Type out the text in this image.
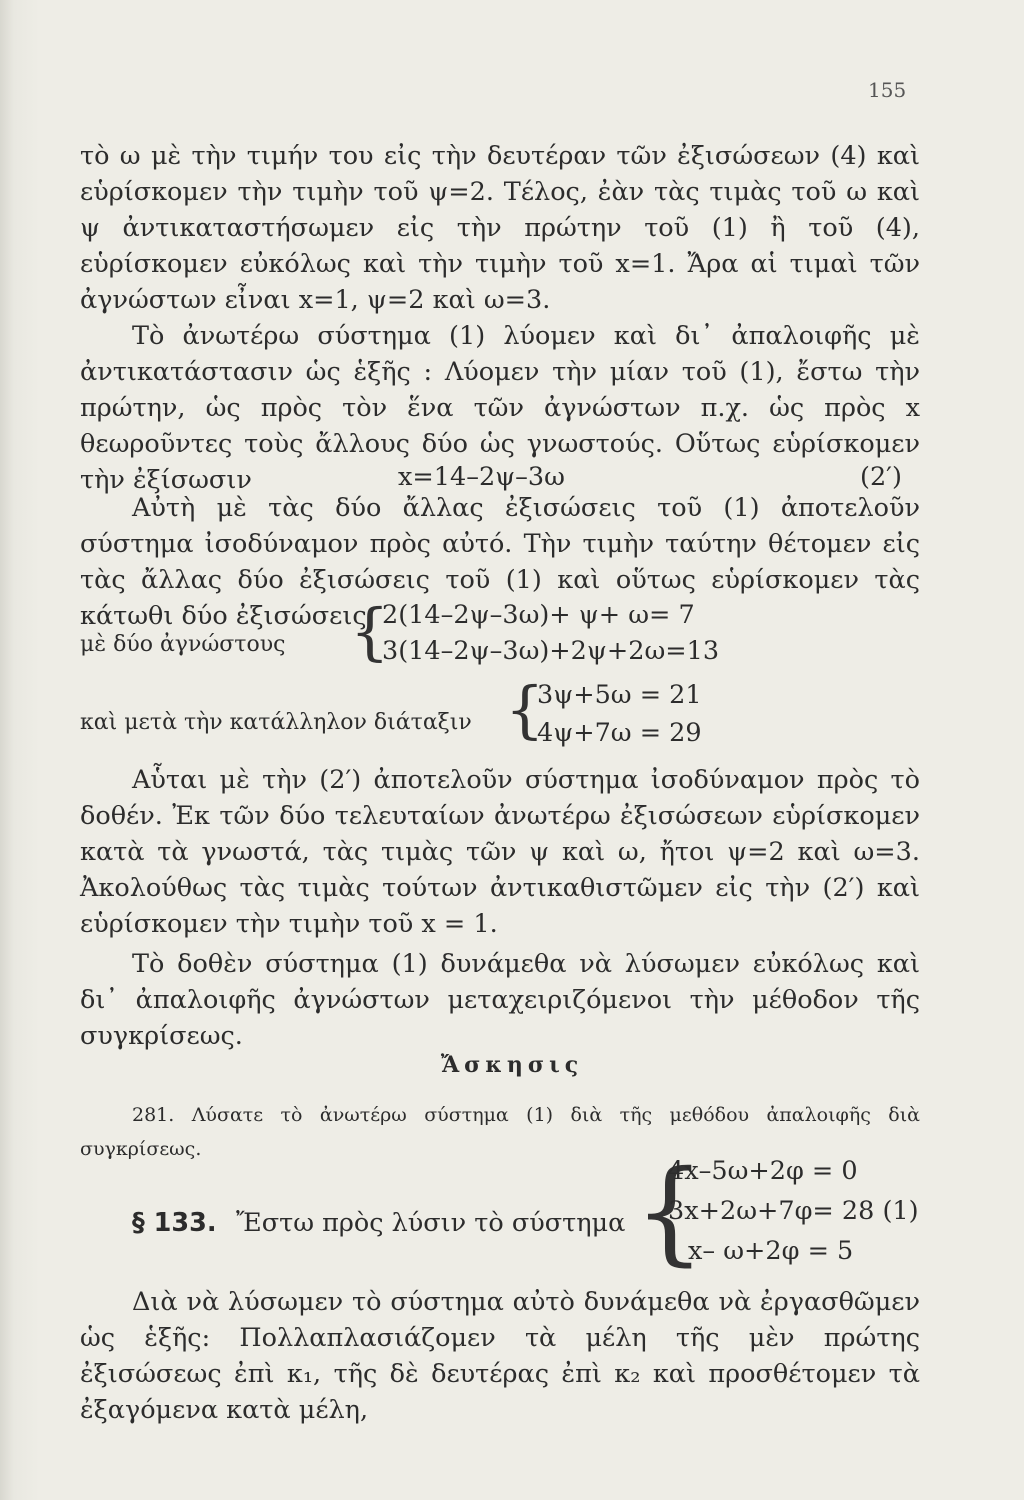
155
τὸ ω μὲ τὴν τιμήν του εἰς τὴν δευτέραν τῶν ἐξισώσεων (4) καὶ εὑρίσκομεν τὴν τιμὴν τοῦ ψ=2. Τέλος, ἐὰν τὰς τιμὰς τοῦ ω καὶ ψ ἀντικαταστήσωμεν εἰς τὴν πρώτην τοῦ (1) ἢ τοῦ (4), εὑρίσκομεν εὐκόλως καὶ τὴν τιμὴν τοῦ x=1. Ἄρα αἱ τιμαὶ τῶν ἀγνώστων εἶναι x=1, ψ=2 καὶ ω=3.
Τὸ ἀνωτέρω σύστημα (1) λύομεν καὶ δι᾿ ἀπαλοιφῆς μὲ ἀντικατάστασιν ὡς ἑξῆς : Λύομεν τὴν μίαν τοῦ (1), ἔστω τὴν πρώτην, ὡς πρὸς τὸν ἕνα τῶν ἀγνώστων π.χ. ὡς πρὸς x θεωροῦντες τοὺς ἄλλους δύο ὡς γνωστούς. Οὕτως εὑρίσκομεν τὴν ἐξίσωσιν	x=14–2ψ–3ω	(2′)
Αὐτὴ μὲ τὰς δύο ἄλλας ἐξισώσεις τοῦ (1) ἀποτελοῦν σύστημα ἰσοδύναμον πρὸς αὐτό. Τὴν τιμὴν ταύτην θέτομεν εἰς τὰς ἄλλας δύο ἐξισώσεις τοῦ (1) καὶ οὕτως εὑρίσκομεν τὰς κάτωθι δύο ἐξισώσεις
μὲ δύο ἀγνώστους {
2(14–2ψ–3ω)+ ψ+ ω= 7
3(14–2ψ–3ω)+2ψ+2ω=13
καὶ μετὰ τὴν κατάλληλον διάταξιν {
3ψ+5ω = 21
4ψ+7ω = 29
Αὗται μὲ τὴν (2′) ἀποτελοῦν σύστημα ἰσοδύναμον πρὸς τὸ δοθέν. Ἐκ τῶν δύο τελευταίων ἀνωτέρω ἐξισώσεων εὑρίσκομεν κατὰ τὰ γνωστά, τὰς τιμὰς τῶν ψ καὶ ω, ἤτοι ψ=2 καὶ ω=3. Ἀκολούθως τὰς τιμὰς τούτων ἀντικαθιστῶμεν εἰς τὴν (2′) καὶ εὑρίσκομεν τὴν τιμὴν τοῦ x = 1.
Τὸ δοθὲν σύστημα (1) δυνάμεθα νὰ λύσωμεν εὐκόλως καὶ δι᾿ ἀπαλοιφῆς ἀγνώστων μεταχειριζόμενοι τὴν μέθοδον τῆς συγκρίσεως.
Ἄσκησις
281. Λύσατε τὸ ἀνωτέρω σύστημα (1) διὰ τῆς μεθόδου ἀπαλοιφῆς διὰ συγκρίσεως.
§ 133. Ἔστω πρὸς λύσιν τὸ σύστημα {
4x–5ω+2φ = 0
3x+2ω+7φ= 28 (1)
x– ω+2φ = 5
Διὰ νὰ λύσωμεν τὸ σύστημα αὐτὸ δυνάμεθα νὰ ἐργασθῶμεν ὡς ἑξῆς: Πολλαπλασιάζομεν τὰ μέλη τῆς μὲν πρώτης ἐξισώσεως ἐπὶ κ₁, τῆς δὲ δευτέρας ἐπὶ κ₂ καὶ προσθέτομεν τὰ ἐξαγόμενα κατὰ μέλη,
